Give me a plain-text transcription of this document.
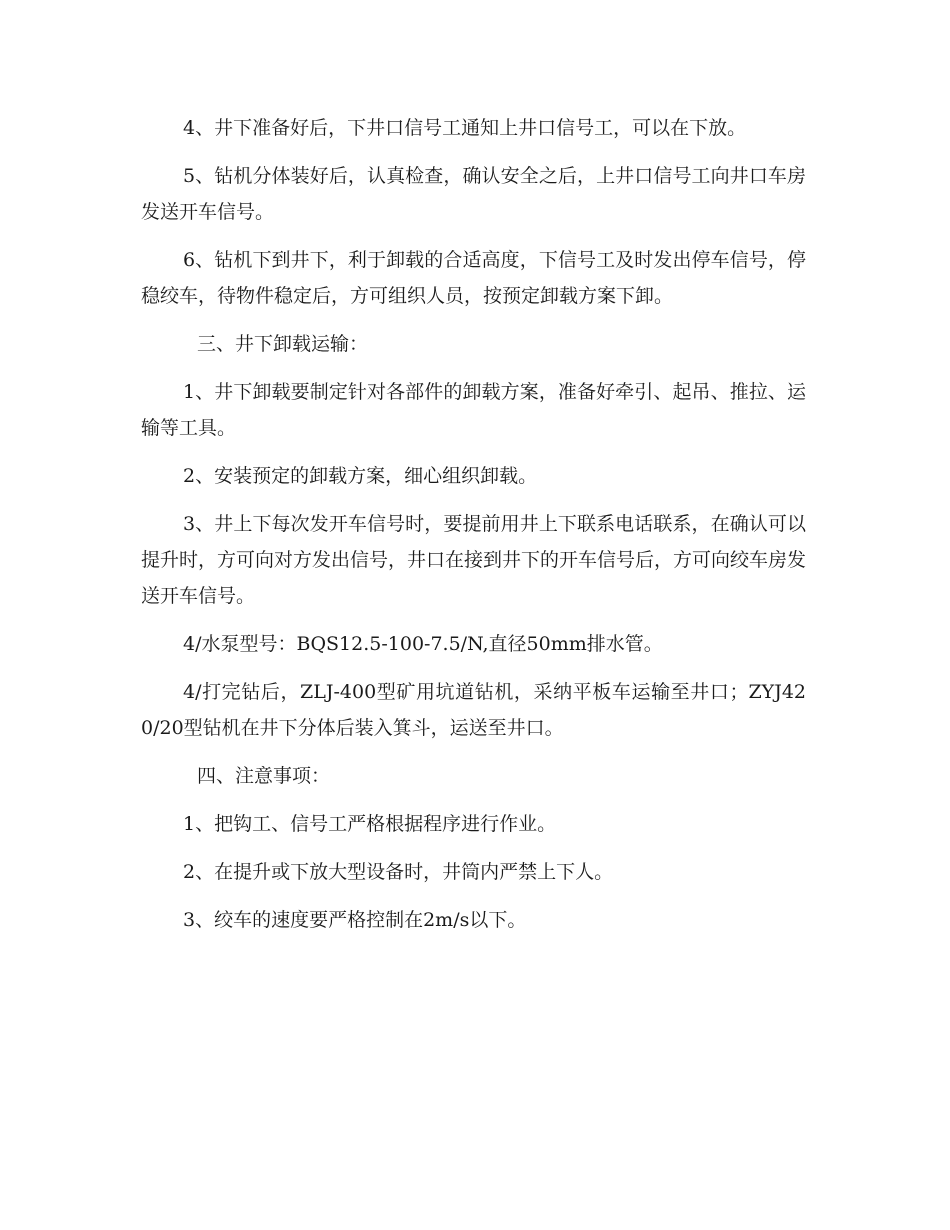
4、井下准备好后，下井口信号工通知上井口信号工，可以在下放。

5、钻机分体装好后，认真检查，确认安全之后，上井口信号工向井口车房发送开车信号。

6、钻机下到井下，利于卸载的合适高度，下信号工及时发出停车信号，停稳绞车，待物件稳定后，方可组织人员，按预定卸载方案下卸。

三、井下卸载运输：

1、井下卸载要制定针对各部件的卸载方案，准备好牵引、起吊、推拉、运输等工具。

2、安装预定的卸载方案，细心组织卸载。

3、井上下每次发开车信号时，要提前用井上下联系电话联系，在确认可以提升时，方可向对方发出信号，井口在接到井下的开车信号后，方可向绞车房发送开车信号。

4/水泵型号：BQS12.5-100-7.5/N,直径50mm排水管。

4/打完钻后，ZLJ-400型矿用坑道钻机，采纳平板车运输至井口；ZYJ420/20型钻机在井下分体后装入箕斗，运送至井口。

四、注意事项：

1、把钩工、信号工严格根据程序进行作业。

2、在提升或下放大型设备时，井筒内严禁上下人。

3、绞车的速度要严格控制在2m/s以下。
